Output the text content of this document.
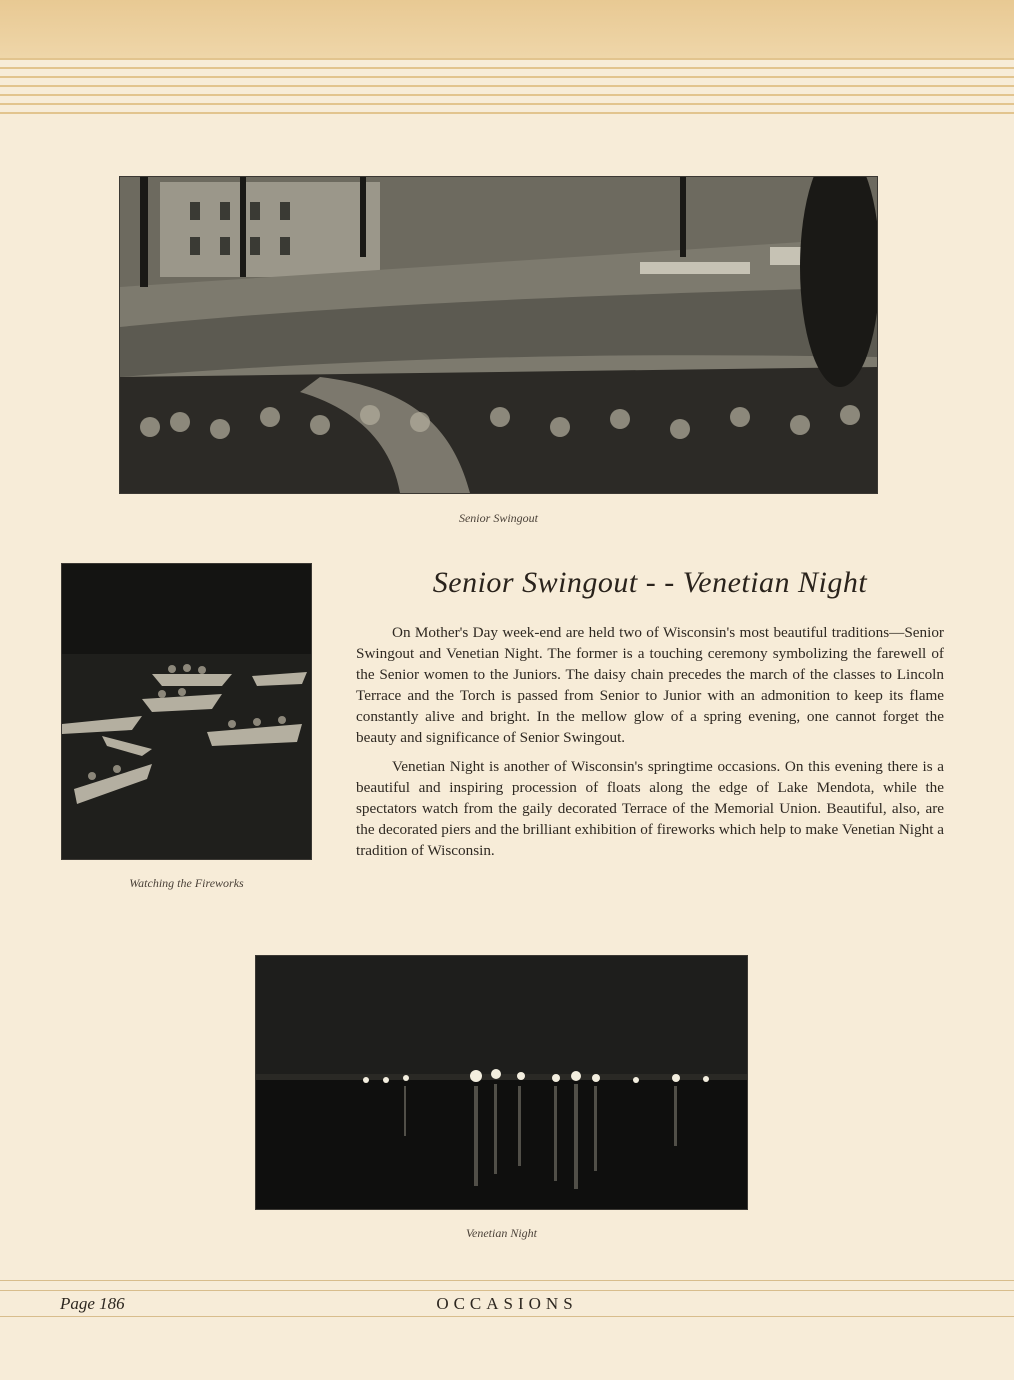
Senior Swingout
Watching the Fireworks
Senior Swingout - - Venetian Night

On Mother's Day week-end are held two of Wisconsin's most beautiful traditions—Senior Swingout and Venetian Night. The former is a touching ceremony symbolizing the farewell of the Senior women to the Juniors. The daisy chain precedes the march of the classes to Lincoln Terrace and the Torch is passed from Senior to Junior with an admonition to keep its flame constantly alive and bright. In the mellow glow of a spring evening, one cannot forget the beauty and significance of Senior Swingout.

Venetian Night is another of Wisconsin's springtime occasions. On this evening there is a beautiful and inspiring procession of floats along the edge of Lake Mendota, while the spectators watch from the gaily decorated Terrace of the Memorial Union. Beautiful, also, are the decorated piers and the brilliant exhibition of fireworks which help to make Venetian Night a tradition of Wisconsin.

Venetian Night
Page 186	OCCASIONS
